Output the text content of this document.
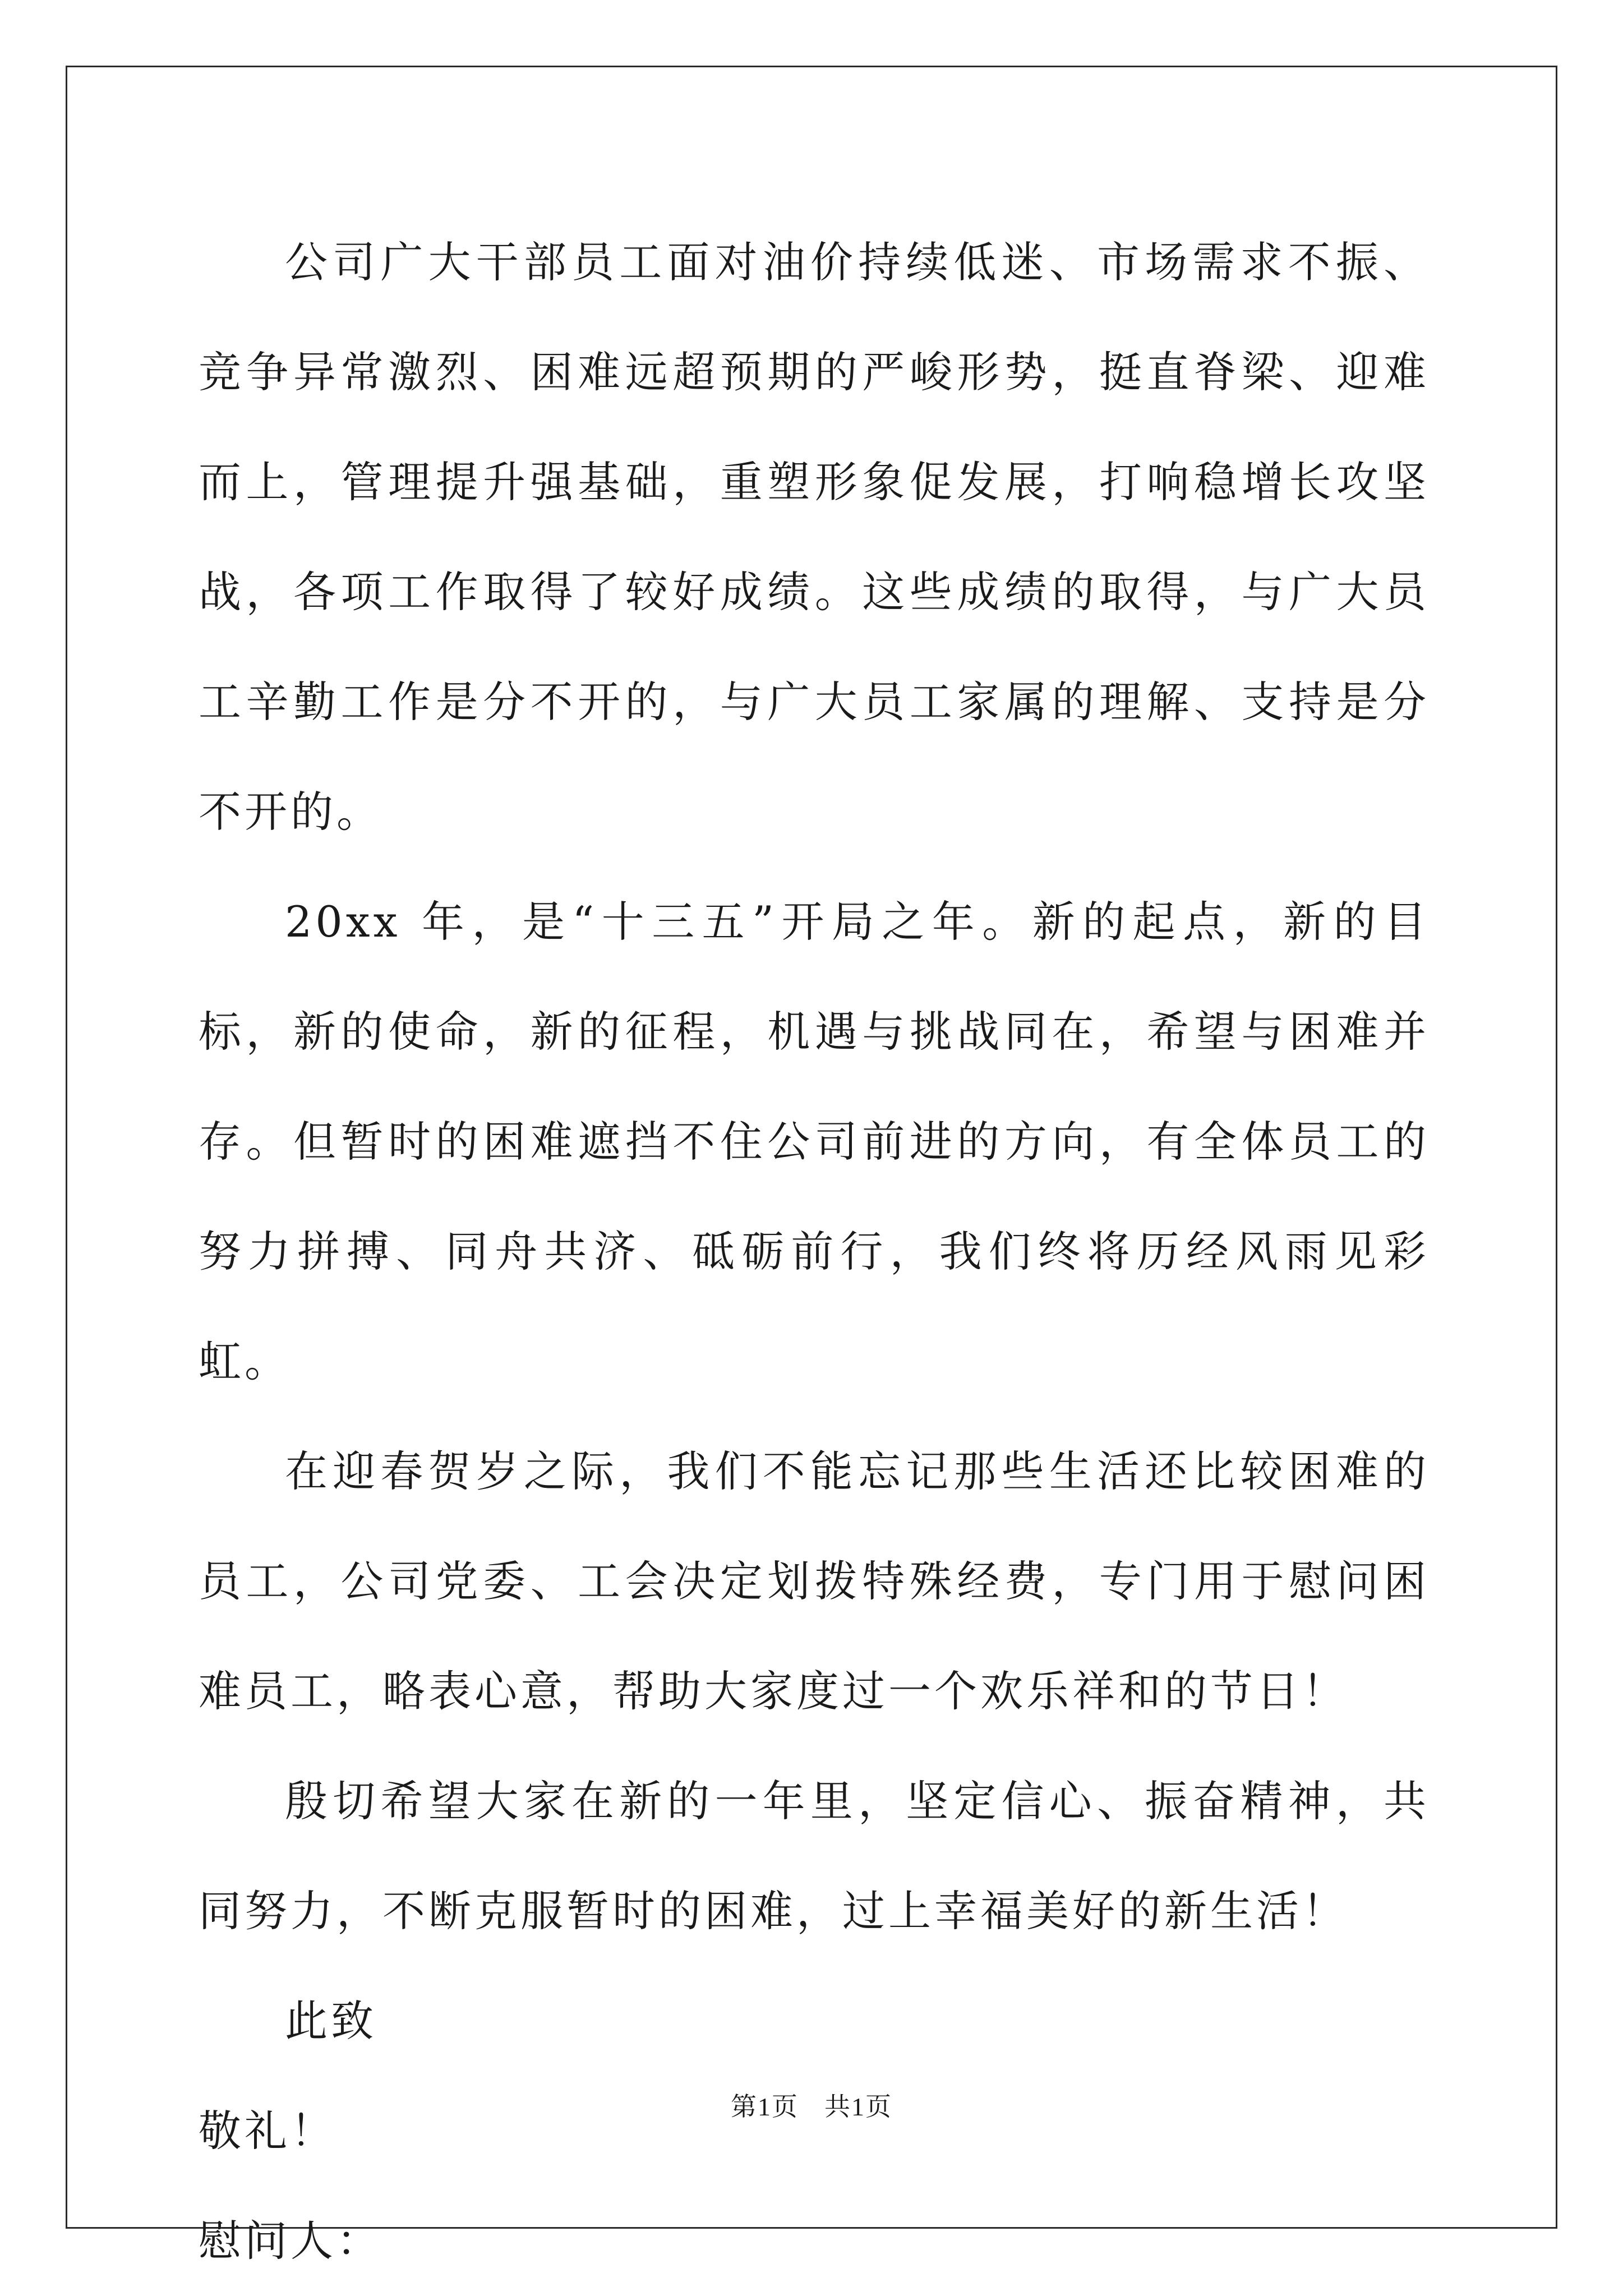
公司广大干部员工面对油价持续低迷、市场需求不振、竞争异常激烈、困难远超预期的严峻形势，挺直脊梁、迎难而上，管理提升强基础，重塑形象促发展，打响稳增长攻坚战，各项工作取得了较好成绩。这些成绩的取得，与广大员工辛勤工作是分不开的，与广大员工家属的理解、支持是分不开的。

20xx 年，是“十三五”开局之年。新的起点，新的目标，新的使命，新的征程，机遇与挑战同在，希望与困难并存。但暂时的困难遮挡不住公司前进的方向，有全体员工的努力拼搏、同舟共济、砥砺前行，我们终将历经风雨见彩虹。

在迎春贺岁之际，我们不能忘记那些生活还比较困难的员工，公司党委、工会决定划拨特殊经费，专门用于慰问困难员工，略表心意，帮助大家度过一个欢乐祥和的节日！

殷切希望大家在新的一年里，坚定信心、振奋精神，共同努力，不断克服暂时的困难，过上幸福美好的新生活！

此致

敬礼！

慰问人：

第1页 共1页
